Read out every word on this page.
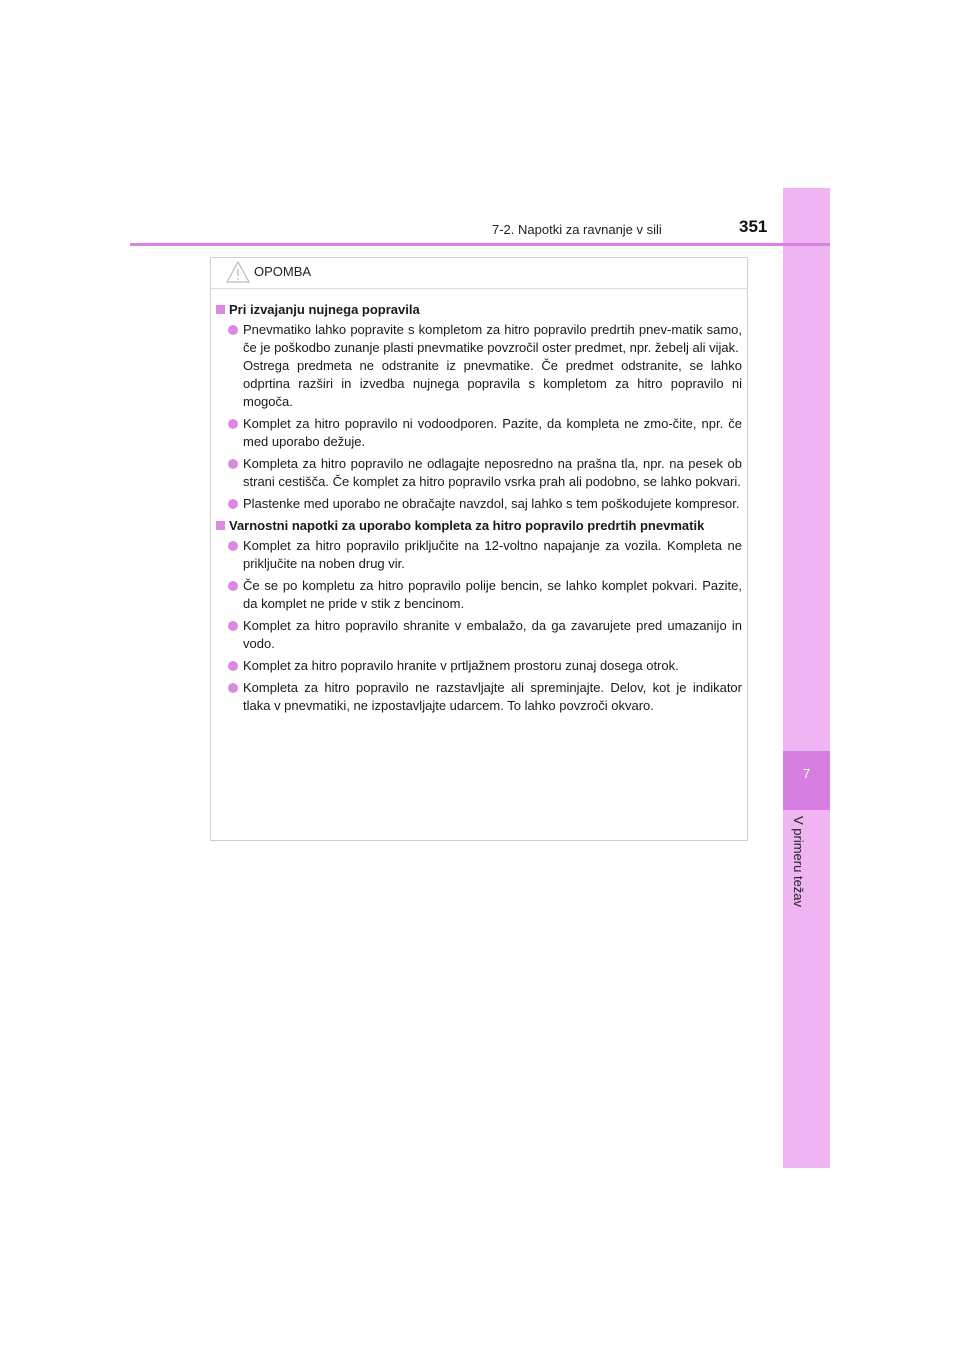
7
V primeru težav
7-2. Napotki za ravnanje v sili	351
OPOMBA
Pri izvajanju nujnega popravila

Pnevmatiko lahko popravite s kompletom za hitro popravilo predrtih pnev-matik samo, če je poškodbo zunanje plasti pnevmatike povzročil oster predmet, npr. žebelj ali vijak.

Ostrega predmeta ne odstranite iz pnevmatike. Če predmet odstranite, se lahko odprtina razširi in izvedba nujnega popravila s kompletom za hitro popravilo ni mogoča.

Komplet za hitro popravilo ni vodoodporen. Pazite, da kompleta ne zmo-čite, npr. če med uporabo dežuje.

Kompleta za hitro popravilo ne odlagajte neposredno na prašna tla, npr. na pesek ob strani cestišča. Če komplet za hitro popravilo vsrka prah ali podobno, se lahko pokvari.

Plastenke med uporabo ne obračajte navzdol, saj lahko s tem poškodujete kompresor.

Varnostni napotki za uporabo kompleta za hitro popravilo predrtih pnevmatik

Komplet za hitro popravilo priključite na 12-voltno napajanje za vozila. Kompleta ne priključite na noben drug vir.

Če se po kompletu za hitro popravilo polije bencin, se lahko komplet pokvari. Pazite, da komplet ne pride v stik z bencinom.

Komplet za hitro popravilo shranite v embalažo, da ga zavarujete pred umazanijo in vodo.

Komplet za hitro popravilo hranite v prtljažnem prostoru zunaj dosega otrok.

Kompleta za hitro popravilo ne razstavljajte ali spreminjajte. Delov, kot je indikator tlaka v pnevmatiki, ne izpostavljajte udarcem. To lahko povzroči okvaro.
